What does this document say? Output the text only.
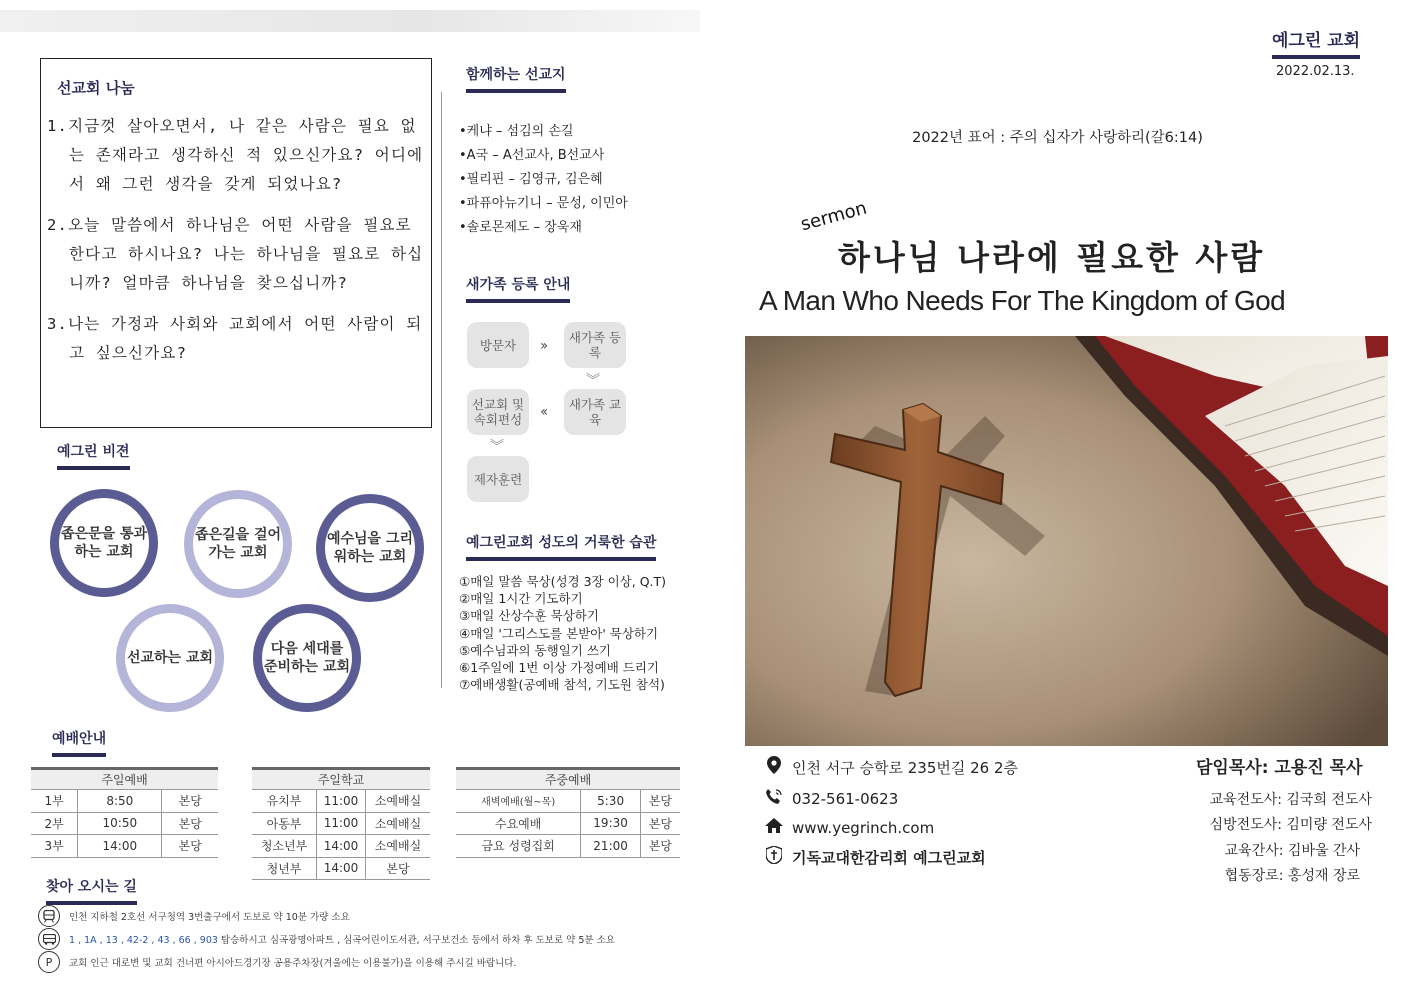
선교회 나눔
1.지금껏 살아오면서, 나 같은 사람은 필요 없는 존재라고 생각하신 적 있으신가요? 어디에서 왜 그런 생각을 갖게 되었나요?
2.오늘 말씀에서 하나님은 어떤 사람을 필요로 한다고 하시나요? 나는 하나님을 필요로 하십니까? 얼마큼 하나님을 찾으십니까?
3.나는 가정과 사회와 교회에서 어떤 사람이 되고 싶으신가요?
함께하는 선교지
•케냐 – 섬김의 손길
•A국 – A선교사, B선교사
•필리핀 – 김영규, 김은혜
•파퓨아뉴기니 – 문성, 이민아
•솔로몬제도 – 장욱재
새가족 등록 안내
방문자	››
새가족 등록
︾
새가족 교육
‹‹
선교회 및 속회편성
︾
제자훈련
예그린교회 성도의 거룩한 습관
①매일 말씀 묵상(성경 3장 이상, Q.T)
②매일 1시간 기도하기
③매일 산상수훈 묵상하기
④매일 '그리스도를 본받아' 묵상하기
⑤예수님과의 동행일기 쓰기
⑥1주일에 1번 이상 가정예배 드리기
⑦예배생활(공예배 참석, 기도원 참석)
예그린 비젼
좁은문을 통과하는 교회
좁은길을 걸어가는 교회
예수님을 그리워하는 교회
선교하는 교회
다음 세대를 준비하는 교회
예배안내
주일예배		
1부	8:50	본당
2부	10:50	본당
3부	14:00	본당
주일학교		
유치부	11:00	소예배실
아동부	11:00	소예배실
청소년부	14:00	소예배실
청년부	14:00	본당
주중예배		
새벽예배(월~목)	5:30	본당
수요예배	19:30	본당
금요 성령집회	21:00	본당
찾아 오시는 길
인천 지하철 2호선 서구청역 3번출구에서 도보로 약 10분 가량 소요
1 , 1A , 13 , 42-2 , 43 , 66 , 903 탑승하시고 심곡광명아파트 , 심곡어린이도서관, 서구보건소 등에서 하차 후 도보로 약 5분 소요
P	교회 인근 대로변 및 교회 건너편 아시아드경기장 공용주차장(겨울에는 이용불가)을 이용해 주시길 바랍니다.
예그린 교회
2022.02.13.
2022년 표어 : 주의 십자가 사랑하리(갈6:14)
sermon
하나님 나라에 필요한 사람
A Man Who Needs For The Kingdom of God
인천 서구 승학로 235번길 26 2층
032-561-0623
www.yegrinch.com
기독교대한감리회 예그린교회
담임목사: 고용진 목사
교육전도사: 김국희 전도사
심방전도사: 김미량 전도사
교육간사: 김바울 간사
협동장로: 홍성재 장로
